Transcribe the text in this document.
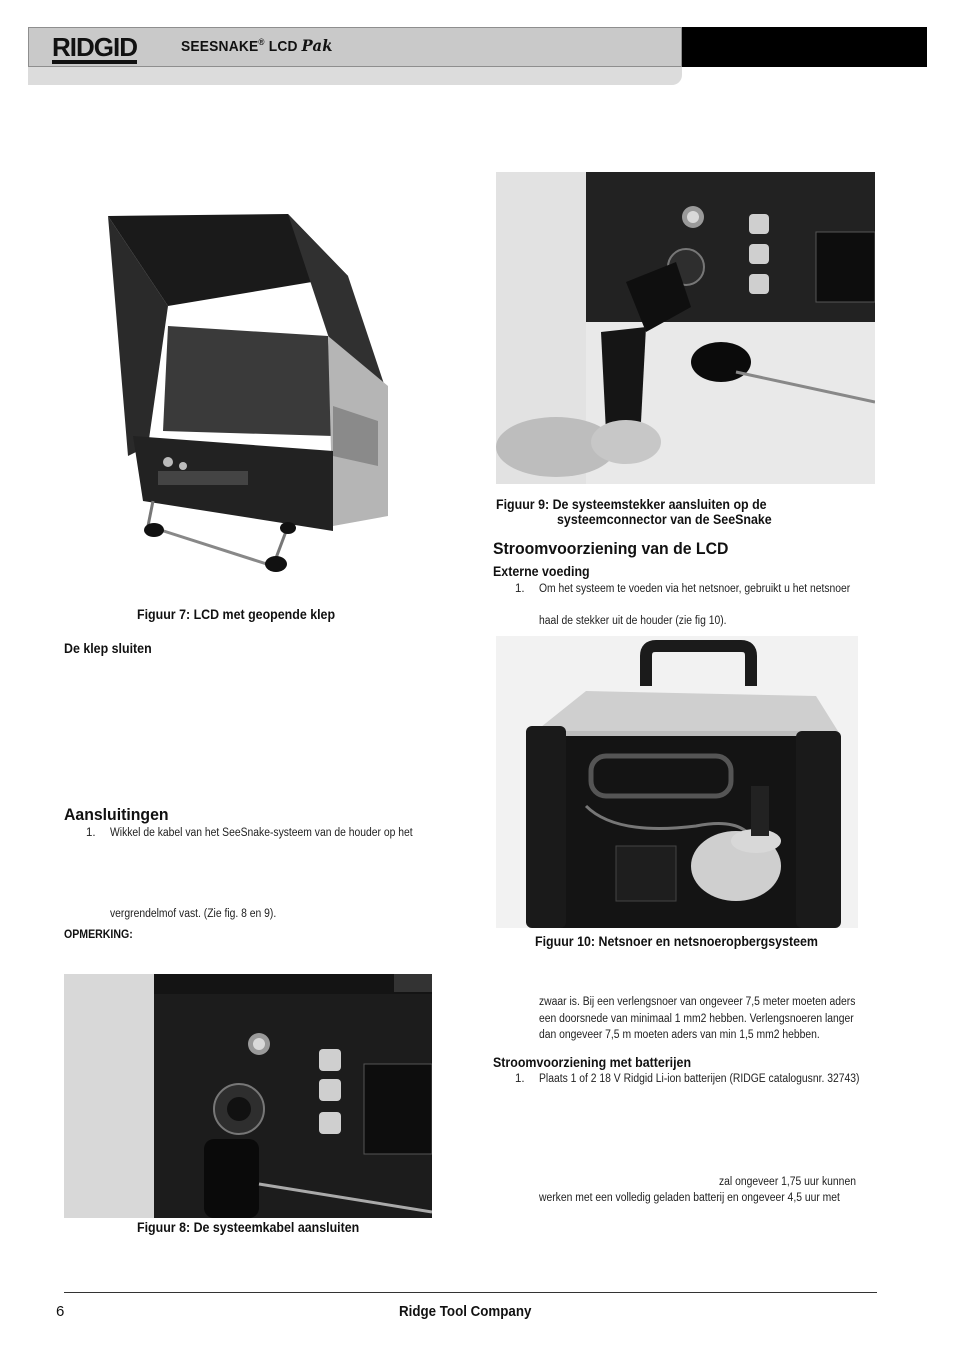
RIDGID	SEESNAKE® LCD Pak
Figuur 7: LCD met geopende klep
De klep sluiten
Aansluitingen
1. Wikkel de kabel van het SeeSnake-systeem van de houder op het
vergrendelmof vast. (Zie fig. 8 en 9).
OPMERKING:
Figuur 8: De systeemkabel aansluiten
Figuur 9: De systeemstekker aansluiten op de
systeemconnector van de SeeSnake
Stroomvoorziening van de LCD
Externe voeding
1. Om het systeem te voeden via het netsnoer, gebruikt u het netsnoer
haal de stekker uit de houder (zie fig 10).
Figuur 10: Netsnoer en netsnoeropbergsysteem
zwaar is. Bij een verlengsnoer van ongeveer 7,5 meter moeten aders
een doorsnede van minimaal 1 mm2 hebben. Verlengsnoeren langer
dan ongeveer 7,5 m moeten aders van min 1,5 mm2 hebben.
Stroomvoorziening met batterijen
1. Plaats 1 of 2 18 V Ridgid Li-ion batterijen (RIDGE catalogusnr. 32743)
zal ongeveer 1,75 uur kunnen
werken met een volledig geladen batterij en ongeveer 4,5 uur met
6	Ridge Tool Company
